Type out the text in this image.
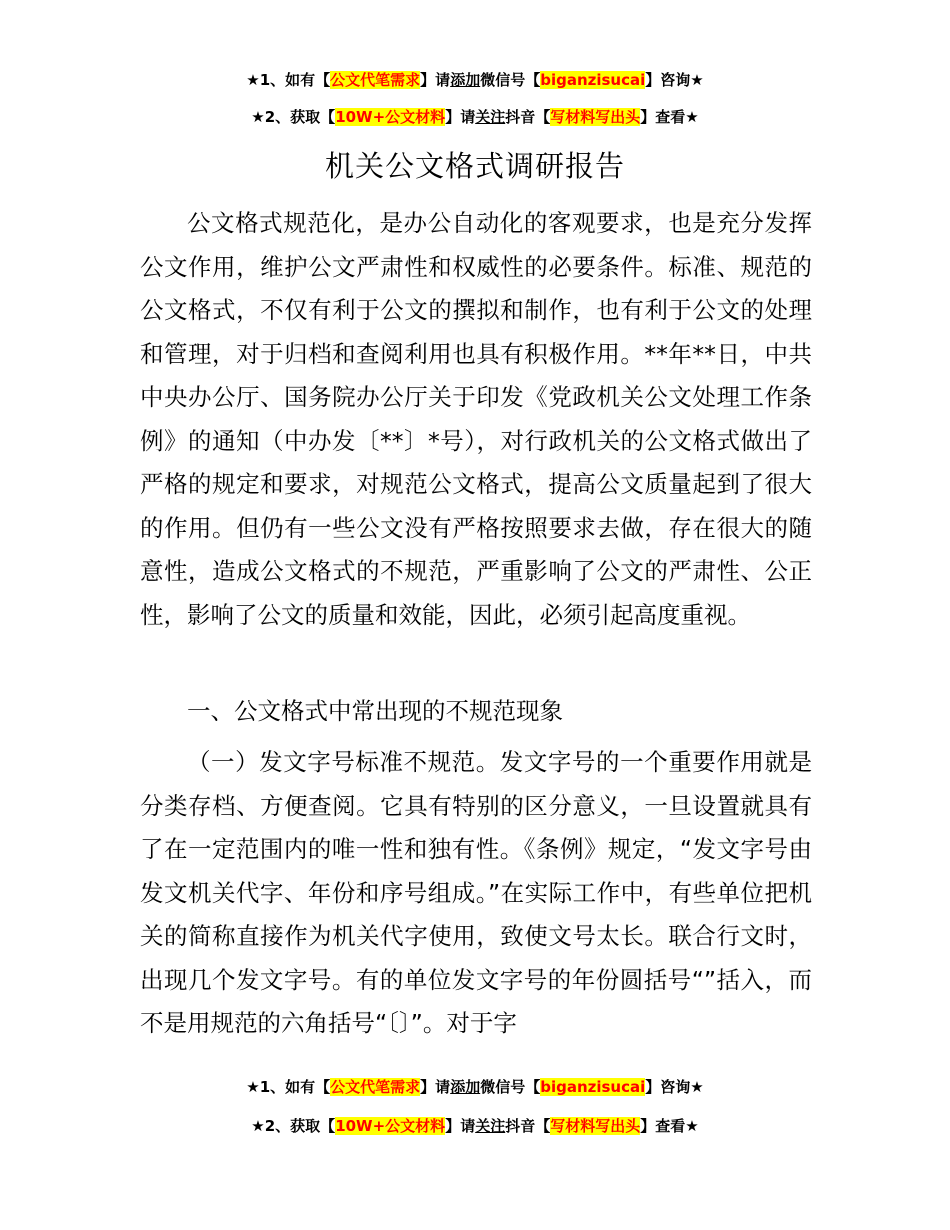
★1、如有【公文代笔需求】请添加微信号【biganzisucai】咨询★
★2、获取【10W+公文材料】请关注抖音【写材料写出头】查看★
机关公文格式调研报告

公文格式规范化，是办公自动化的客观要求，也是充分发挥公文作用，维护公文严肃性和权威性的必要条件。标准、规范的公文格式，不仅有利于公文的撰拟和制作，也有利于公文的处理和管理，对于归档和查阅利用也具有积极作用。**年**日，中共中央办公厅、国务院办公厅关于印发《党政机关公文处理工作条例》的通知（中办发〔**〕*号），对行政机关的公文格式做出了严格的规定和要求，对规范公文格式，提高公文质量起到了很大的作用。但仍有一些公文没有严格按照要求去做，存在很大的随意性，造成公文格式的不规范，严重影响了公文的严肃性、公正性，影响了公文的质量和效能，因此，必须引起高度重视。

一、公文格式中常出现的不规范现象

（一）发文字号标准不规范。发文字号的一个重要作用就是分类存档、方便查阅。它具有特别的区分意义，一旦设置就具有了在一定范围内的唯一性和独有性。《条例》规定，“发文字号由发文机关代字、年份和序号组成。”在实际工作中，有些单位把机关的简称直接作为机关代字使用，致使文号太长。联合行文时，出现几个发文字号。有的单位发文字号的年份圆括号“”括入，而不是用规范的六角括号“〔〕”。对于字

★1、如有【公文代笔需求】请添加微信号【biganzisucai】咨询★
★2、获取【10W+公文材料】请关注抖音【写材料写出头】查看★
